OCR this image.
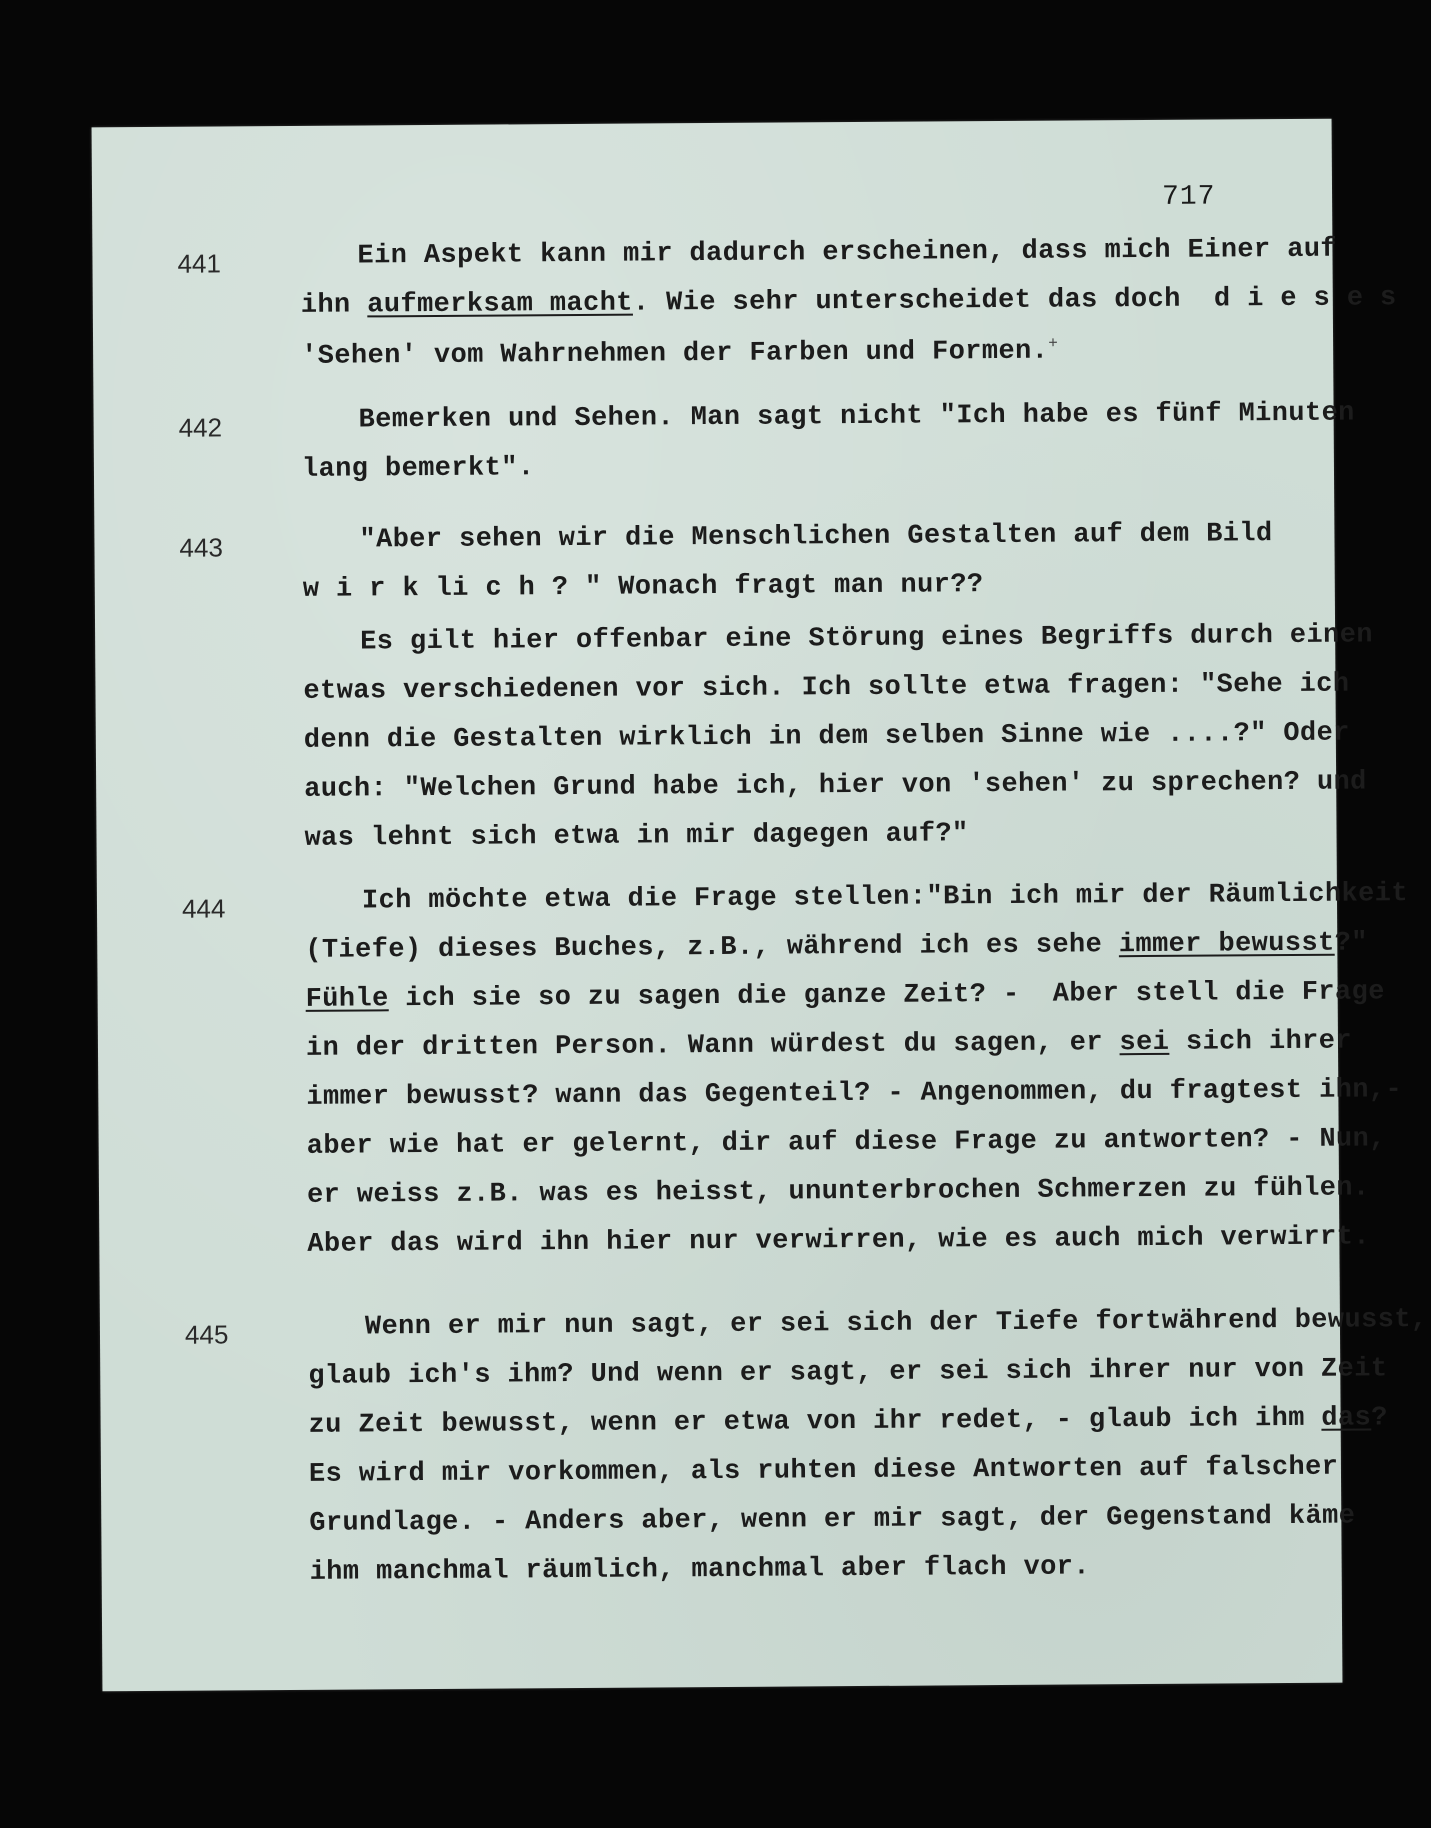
717
441	Ein Aspekt kann mir dadurch erscheinen, dass mich Einer auf
ihn aufmerksam macht. Wie sehr unterscheidet das doch  d i e s e s
'Sehen' vom Wahrnehmen der Farben und Formen.+
442	Bemerken und Sehen. Man sagt nicht "Ich habe es fünf Minuten
lang bemerkt".
443	"Aber sehen wir die Menschlichen Gestalten auf dem Bild
w i r k li c h ? " Wonach fragt man nur??
Es gilt hier offenbar eine Störung eines Begriffs durch einen
etwas verschiedenen vor sich. Ich sollte etwa fragen: "Sehe ich
denn die Gestalten wirklich in dem selben Sinne wie ....?" Oder
auch: "Welchen Grund habe ich, hier von 'sehen' zu sprechen? und
was lehnt sich etwa in mir dagegen auf?"
444	Ich möchte etwa die Frage stellen:"Bin ich mir der Räumlichkeit
(Tiefe) dieses Buches, z.B., während ich es sehe immer bewusst?"
Fühle ich sie so zu sagen die ganze Zeit? -  Aber stell die Frage
in der dritten Person. Wann würdest du sagen, er sei sich ihrer
immer bewusst? wann das Gegenteil? - Angenommen, du fragtest ihn,-
aber wie hat er gelernt, dir auf diese Frage zu antworten? - Nun,
er weiss z.B. was es heisst, ununterbrochen Schmerzen zu fühlen.
Aber das wird ihn hier nur verwirren, wie es auch mich verwirrt.
445	Wenn er mir nun sagt, er sei sich der Tiefe fortwährend bewusst,
glaub ich's ihm? Und wenn er sagt, er sei sich ihrer nur von Zeit
zu Zeit bewusst, wenn er etwa von ihr redet, - glaub ich ihm das?
Es wird mir vorkommen, als ruhten diese Antworten auf falscher
Grundlage. - Anders aber, wenn er mir sagt, der Gegenstand käme
ihm manchmal räumlich, manchmal aber flach vor.
